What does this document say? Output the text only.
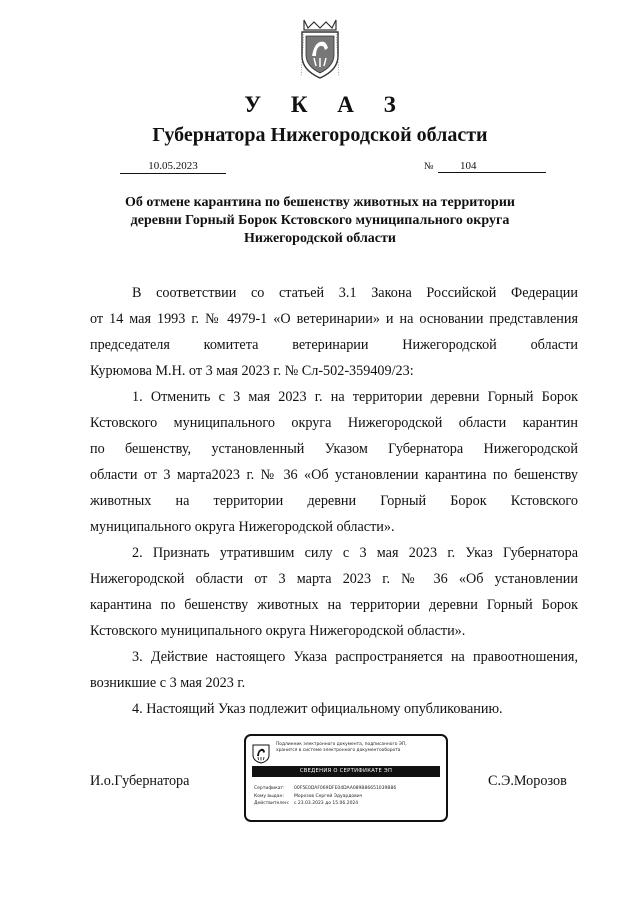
У К А З
Губернатора Нижегородской области
10.05.2023	№	104
Об отмене карантина по бешенству животных на территории
деревни Горный Борок Кстовского муниципального округа
Нижегородской области

В соответствии со статьей 3.1 Закона Российской Федерации

от 14 мая 1993 г. № 4979-1 «О ветеринарии» и на основании представления
председателя комитета ветеринарии Нижегородской области
Курюмова М.Н. от 3 мая 2023 г. № Сл-502-359409/23:

1. Отменить с 3 мая 2023 г. на территории деревни Горный Борок

Кстовского муниципального округа Нижегородской области карантин
по бешенству, установленный Указом Губернатора Нижегородской
области от 3 марта2023 г. № 36 «Об установлении карантина по бешенству
животных на территории деревни Горный Борок Кстовского
муниципального округа Нижегородской области».

2. Признать утратившим силу с 3 мая 2023 г. Указ Губернатора

Нижегородской области от 3 марта 2023 г. № 36 «Об установлении
карантина по бешенству животных на территории деревни Горный Борок
Кстовского муниципального округа Нижегородской области».

3. Действие настоящего Указа распространяется на правоотношения,

возникшие с 3 мая 2023 г.

4. Настоящий Указ подлежит официальному опубликованию.

И.о.Губернатора	С.Э.Морозов
Подлинник электронного документа, подписанного ЭП,
хранится в системе электронного документооборота
СВЕДЕНИЯ О СЕРТИФИКАТЕ ЭП
Сертификат: 00F5E0DAF069DFE04DAA089B86651039B86
Кому выдан: Морозов Сергей Эдуардович
Действителен: с 23.03.2023 до 15.06.2024
